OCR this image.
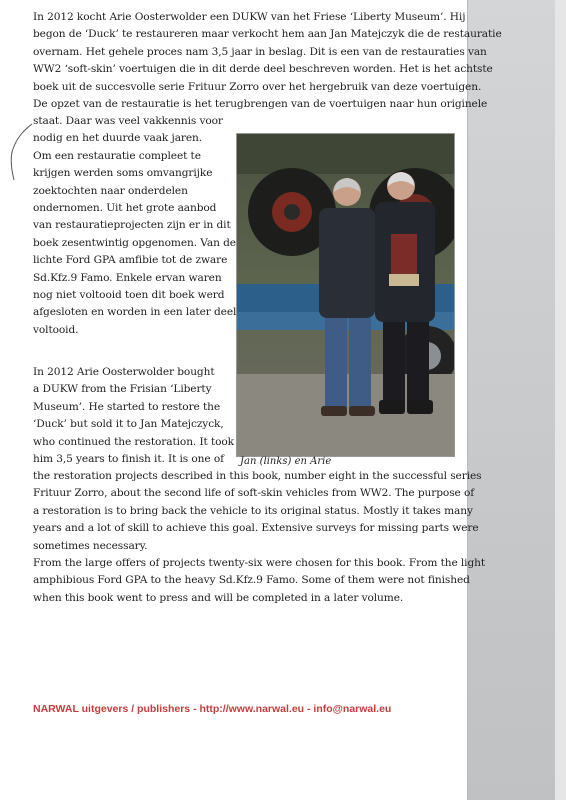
In 2012 kocht Arie Oosterwolder een DUKW van het Friese ‘Liberty Museum’. Hij
begon de ‘Duck’ te restaureren maar verkocht hem aan Jan Matejczyk die de restauratie
overnam. Het gehele proces nam 3,5 jaar in beslag. Dit is een van de restauraties van
WW2 ‘soft-skin’ voertuigen die in dit derde deel beschreven worden. Het is het achtste
boek uit de succesvolle serie Frituur Zorro over het hergebruik van deze voertuigen.
De opzet van de restauratie is het terugbrengen van de voertuigen naar hun originele
staat. Daar was veel vakkennis voor
nodig en het duurde vaak jaren.
Om een restauratie compleet te
krijgen werden soms omvangrijke
zoektochten naar onderdelen
ondernomen. Uit het grote aanbod
van restauratieprojecten zijn er in dit
boek zesentwintig opgenomen. Van de
lichte Ford GPA amfibie tot de zware
Sd.Kfz.9 Famo. Enkele ervan waren
nog niet voltooid toen dit boek werd
afgesloten en worden in een later deel
voltooid.
In 2012 Arie Oosterwolder bought
a DUKW from the Frisian ‘Liberty
Museum’. He started to restore the
‘Duck’ but sold it to Jan Matejczyck,
who continued the restoration. It took
him 3,5 years to finish it. It is one of
the restoration projects described in this book, number eight in the successful series
Frituur Zorro, about the second life of soft-skin vehicles from WW2. The purpose of
a restoration is to bring back the vehicle to its original status. Mostly it takes many
years and a lot of skill to achieve this goal. Extensive surveys for missing parts were
sometimes necessary.
From the large offers of projects twenty-six were chosen for this book. From the light
amphibious Ford GPA to the heavy Sd.Kfz.9 Famo. Some of them were not finished
when this book went to press and will be completed in a later volume.
Jan (links) en Arie
NARWAL uitgevers / publishers - http://www.narwal.eu - info@narwal.eu
